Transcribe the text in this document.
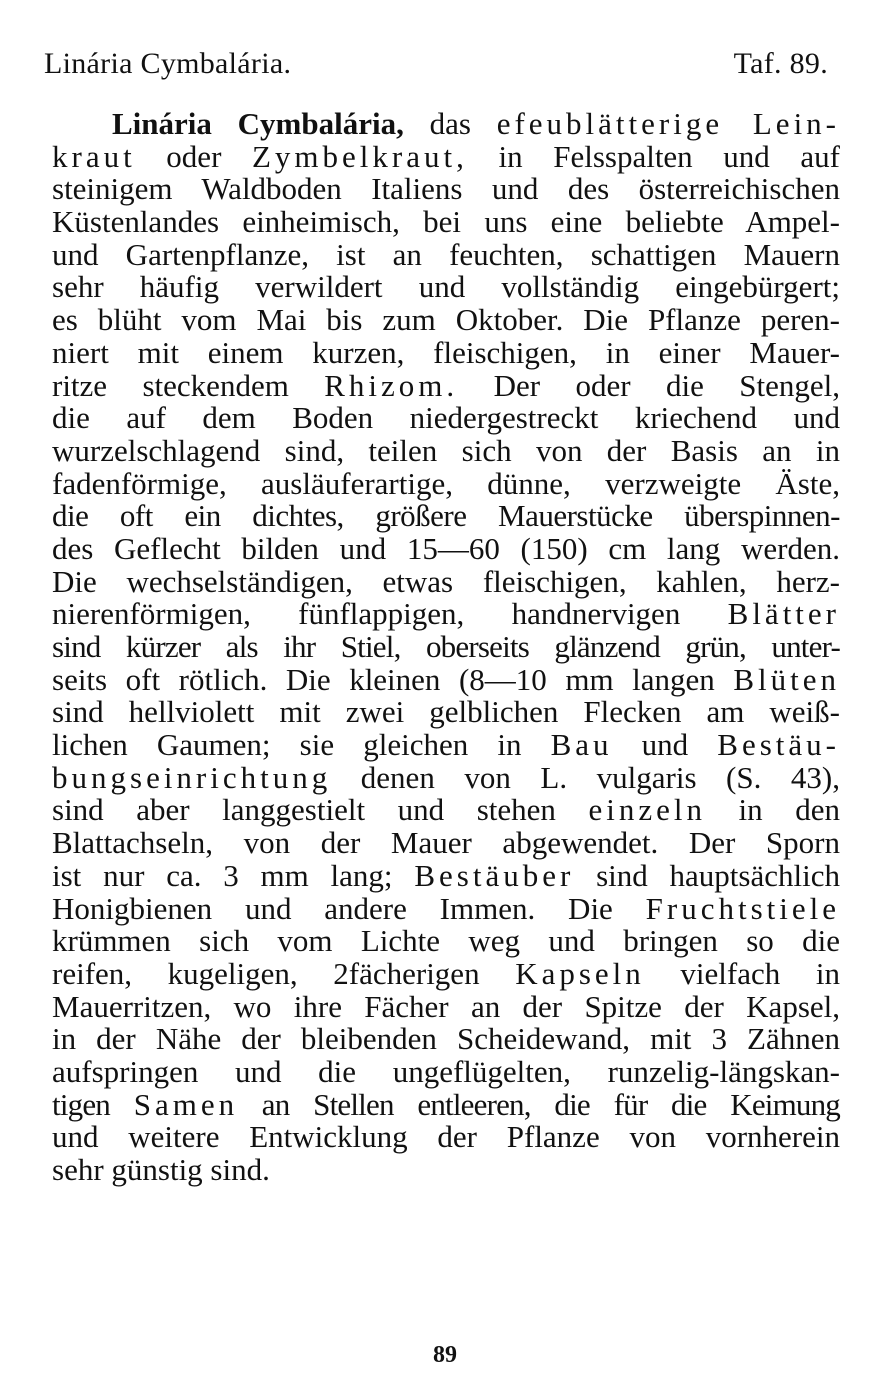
Linária Cymbalária.	Taf. 89.
Linária Cymbalária, das efeublätterige Lein-
kraut oder Zymbelkraut, in Felsspalten und auf
steinigem Waldboden Italiens und des österreichischen
Küstenlandes einheimisch, bei uns eine beliebte Ampel-
und Gartenpflanze, ist an feuchten, schattigen Mauern
sehr häufig verwildert und vollständig eingebürgert;
es blüht vom Mai bis zum Oktober. Die Pflanze peren-
niert mit einem kurzen, fleischigen, in einer Mauer-
ritze steckendem Rhizom. Der oder die Stengel,
die auf dem Boden niedergestreckt kriechend und
wurzelschlagend sind, teilen sich von der Basis an in
fadenförmige, ausläuferartige, dünne, verzweigte Äste,
die oft ein dichtes, größere Mauerstücke überspinnen-
des Geflecht bilden und 15—60 (150) cm lang werden.
Die wechselständigen, etwas fleischigen, kahlen, herz-
nierenförmigen, fünflappigen, handnervigen Blätter
sind kürzer als ihr Stiel, oberseits glänzend grün, unter-
seits oft rötlich. Die kleinen (8—10 mm langen Blüten
sind hellviolett mit zwei gelblichen Flecken am weiß-
lichen Gaumen; sie gleichen in Bau und Bestäu-
bungseinrichtung denen von L. vulgaris (S. 43),
sind aber langgestielt und stehen einzeln in den
Blattachseln, von der Mauer abgewendet. Der Sporn
ist nur ca. 3 mm lang; Bestäuber sind hauptsächlich
Honigbienen und andere Immen. Die Fruchtstiele
krümmen sich vom Lichte weg und bringen so die
reifen, kugeligen, 2fächerigen Kapseln vielfach in
Mauerritzen, wo ihre Fächer an der Spitze der Kapsel,
in der Nähe der bleibenden Scheidewand, mit 3 Zähnen
aufspringen und die ungeflügelten, runzelig-längskan-
tigen Samen an Stellen entleeren, die für die Keimung
und weitere Entwicklung der Pflanze von vornherein
sehr günstig sind.
89
